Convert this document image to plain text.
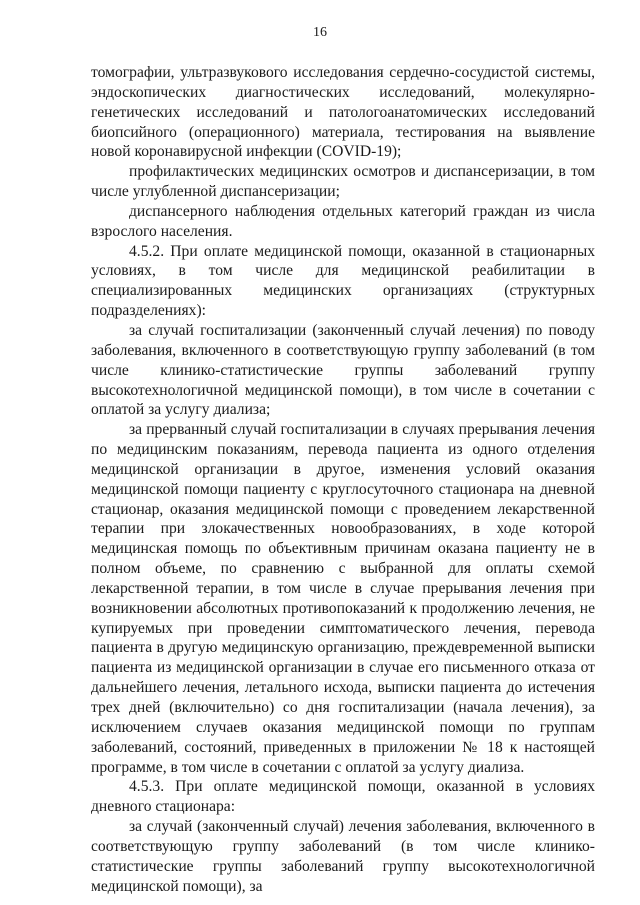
16

томографии, ультразвукового исследования сердечно-сосудистой системы, эндоскопических диагностических исследований, молекулярно-генетических исследований и патологоанатомических исследований биопсийного (операционного) материала, тестирования на выявление новой коронавирусной инфекции (COVID-19);

профилактических медицинских осмотров и диспансеризации, в том числе углубленной диспансеризации;

диспансерного наблюдения отдельных категорий граждан из числа взрослого населения.

4.5.2. При оплате медицинской помощи, оказанной в стационарных условиях, в том числе для медицинской реабилитации в специализированных медицинских организациях (структурных подразделениях):

за случай госпитализации (законченный случай лечения) по поводу заболевания, включенного в соответствующую группу заболеваний (в том числе клинико-статистические группы заболеваний группу высокотехнологичной медицинской помощи), в том числе в сочетании с оплатой за услугу диализа;

за прерванный случай госпитализации в случаях прерывания лечения по медицинским показаниям, перевода пациента из одного отделения медицинской организации в другое, изменения условий оказания медицинской помощи пациенту с круглосуточного стационара на дневной стационар, оказания медицинской помощи с проведением лекарственной терапии при злокачественных новообразованиях, в ходе которой медицинская помощь по объективным причинам оказана пациенту не в полном объеме, по сравнению с выбранной для оплаты схемой лекарственной терапии, в том числе в случае прерывания лечения при возникновении абсолютных противопоказаний к продолжению лечения, не купируемых при проведении симптоматического лечения, перевода пациента в другую медицинскую организацию, преждевременной выписки пациента из медицинской организации в случае его письменного отказа от дальнейшего лечения, летального исхода, выписки пациента до истечения трех дней (включительно) со дня госпитализации (начала лечения), за исключением случаев оказания медицинской помощи по группам заболеваний, состояний, приведенных в приложении № 18 к настоящей программе, в том числе в сочетании с оплатой за услугу диализа.

4.5.3. При оплате медицинской помощи, оказанной в условиях дневного стационара:

за случай (законченный случай) лечения заболевания, включенного в соответствующую группу заболеваний (в том числе клинико-статистические группы заболеваний группу высокотехнологичной медицинской помощи), за
